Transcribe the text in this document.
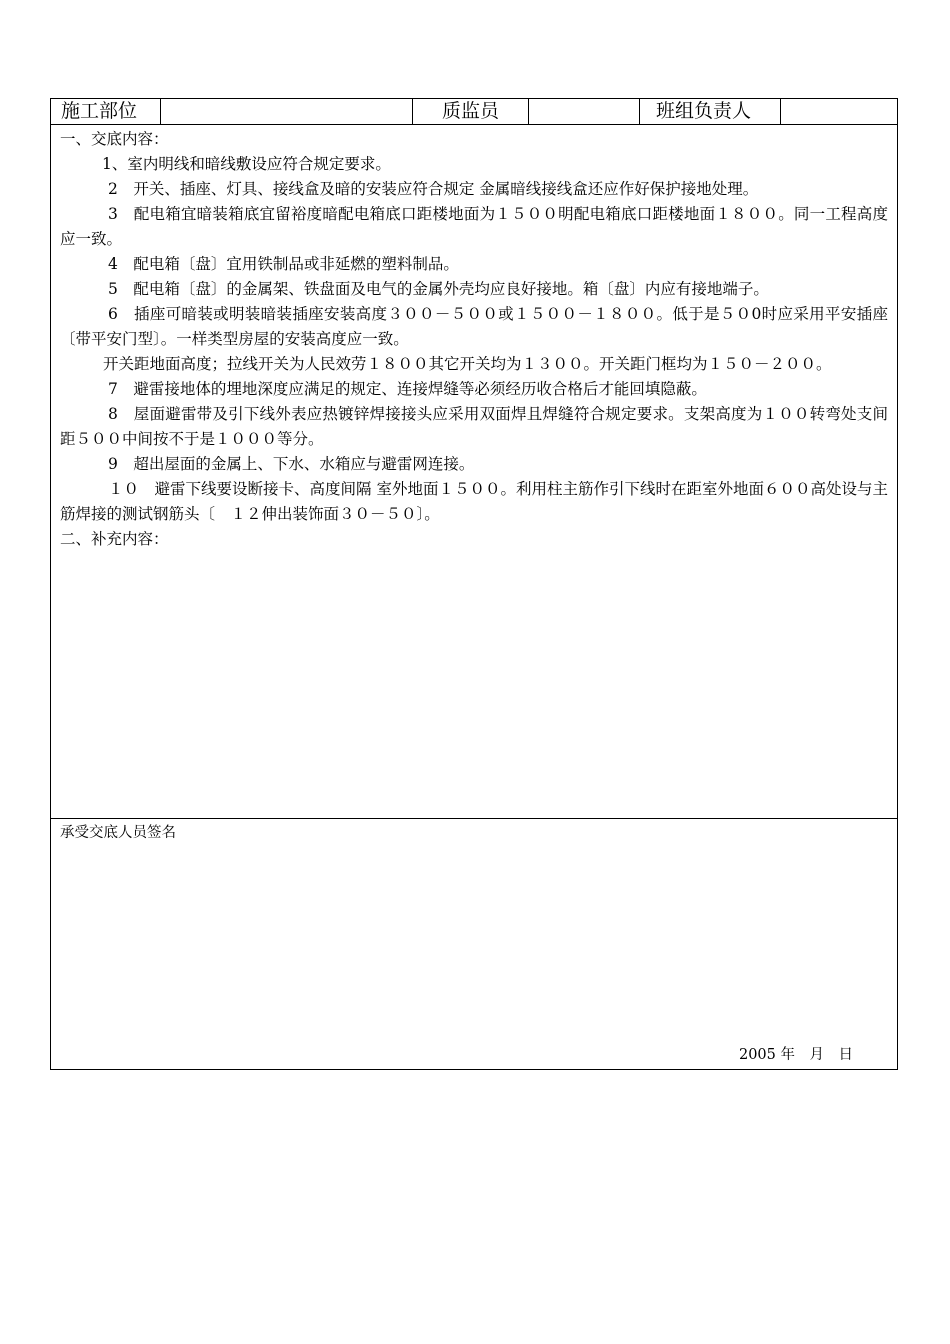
施工部位	质监员	班组负责人

一、交底内容：

1、室内明线和暗线敷设应符合规定要求。

2　开关、插座、灯具、接线盒及暗的安装应符合规定 金属暗线接线盒还应作好保护接地处理。

3　配电箱宜暗装箱底宜留裕度暗配电箱底口距楼地面为１５００明配电箱底口距楼地面１８００。同一工程高度应一致。

4　配电箱〔盘〕宜用铁制品或非延燃的塑料制品。

5　配电箱〔盘〕的金属架、铁盘面及电气的金属外壳均应良好接地。箱〔盘〕内应有接地端子。

6　插座可暗装或明装暗装插座安装高度３００－５００或１５００－１８００。低于是５０0时应采用平安插座〔带平安门型〕。一样类型房屋的安装高度应一致。

开关距地面高度；拉线开关为人民效劳１８００其它开关均为１３００。开关距门框均为１５０－２００。

7　避雷接地体的埋地深度应满足的规定、连接焊缝等必须经历收合格后才能回填隐蔽。

8　屋面避雷带及引下线外表应热镀锌焊接接头应采用双面焊且焊缝符合规定要求。支架高度为１００转弯处支间距５００中间按不于是１０００等分。

9　超出屋面的金属上、下水、水箱应与避雷网连接。

１０　避雷下线要设断接卡、高度间隔 室外地面１５００。利用柱主筋作引下线时在距室外地面６００高处设与主筋焊接的测试钢筋头〔　１２伸出装饰面３０－５０〕。

二、补充内容：

承受交底人员签名
2005 年　月　日
